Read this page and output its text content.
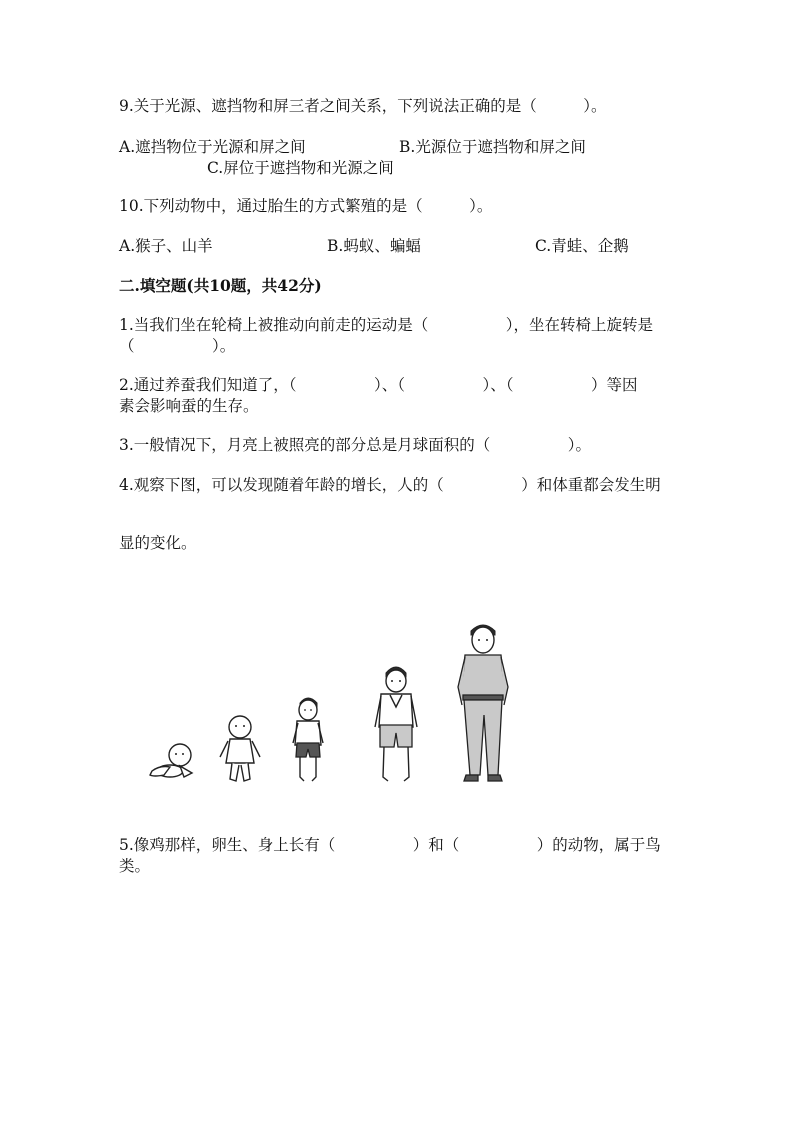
9.关于光源、遮挡物和屏三者之间关系，下列说法正确的是（　　　）。
A.遮挡物位于光源和屏之间	B.光源位于遮挡物和屏之间
C.屏位于遮挡物和光源之间
10.下列动物中，通过胎生的方式繁殖的是（　　　）。
A.猴子、山羊	B.蚂蚁、蝙蝠	C.青蛙、企鹅
二.填空题(共10题，共42分)
1.当我们坐在轮椅上被推动向前走的运动是（　　　　　），坐在转椅上旋转是
（　　　　　）。
2.通过养蚕我们知道了，（　　　　　）、（　　　　　）、（　　　　　）等因
素会影响蚕的生存。
3.一般情况下，月亮上被照亮的部分总是月球面积的（　　　　　）。
4.观察下图，可以发现随着年龄的增长，人的（　　　　　）和体重都会发生明
显的变化。
5.像鸡那样，卵生、身上长有（　　　　　）和（　　　　　）的动物，属于鸟
类。
